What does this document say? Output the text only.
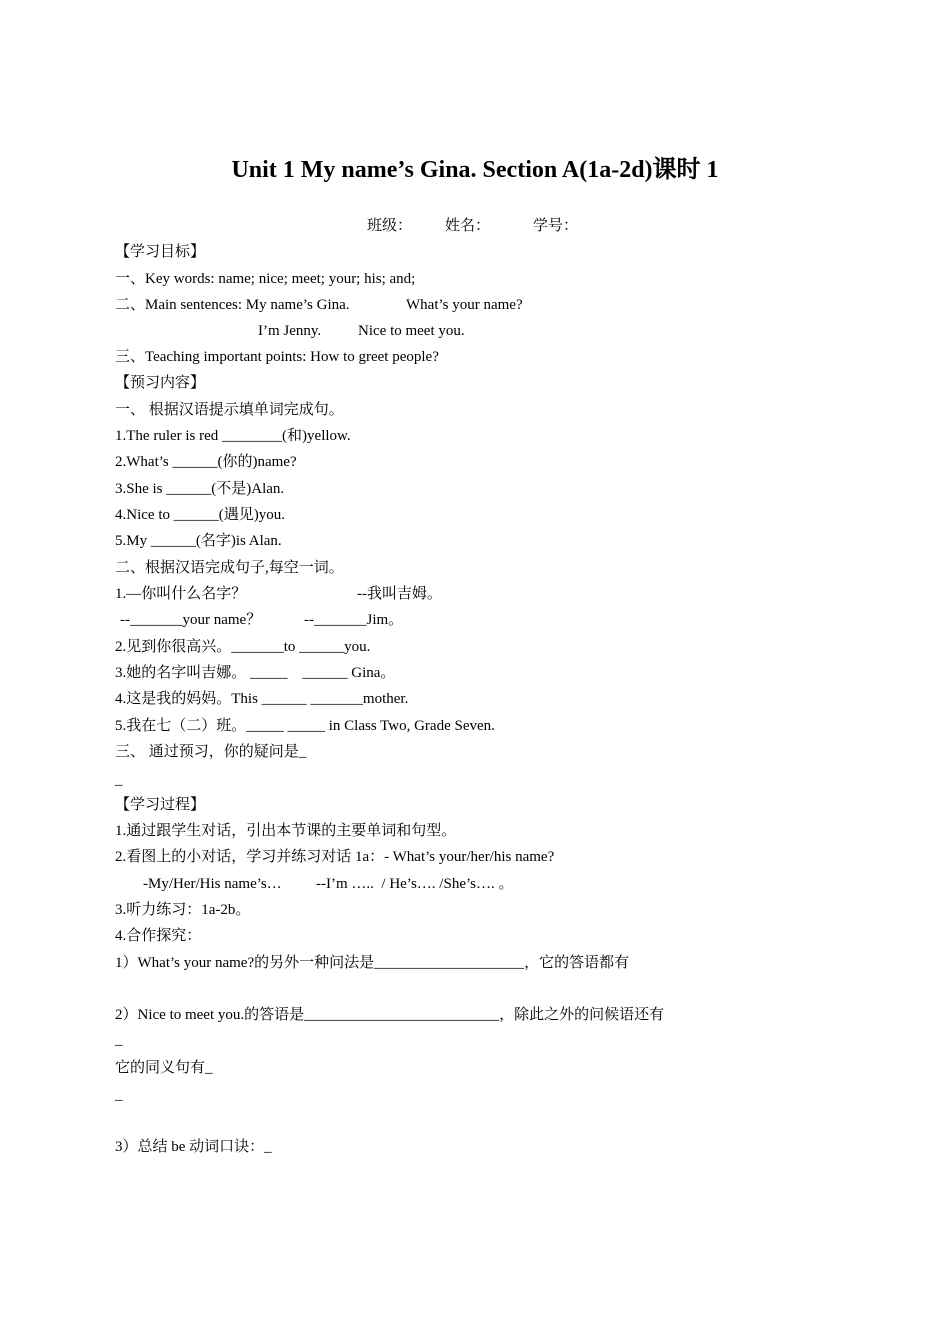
Unit 1 My name’s Gina. Section A(1a-2d)课时 1
班级： 姓名：	学号：
【学习目标】
一、Key words: name; nice; meet; your; his; and;
二、Main sentences: My name’s Gina.	What’s your name?
I’m Jenny. Nice to meet you.
三、Teaching important points: How to greet people?
【预习内容】
一、 根据汉语提示填单词完成句。
1.The ruler is red ________(和)yellow.
2.What’s ______(你的)name?
3.She is ______(不是)Alan.
4.Nice to ______(遇见)you.
5.My ______(名字)is Alan.
二、根据汉语完成句子,每空一词。
1.—你叫什么名字？	--我叫吉姆。
--_______your name？	--_______Jim。
2.见到你很高兴。_______to ______you.
3.她的名字叫吉娜。 _____    ______ Gina。
4.这是我的妈妈。This ______ _______mother.
5.我在七（二）班。_____ _____ in Class Two, Grade Seven.
三、 通过预习，你的疑问是_
_
【学习过程】
1.通过跟学生对话，引出本节课的主要单词和句型。
2.看图上的小对话，学习并练习对话 1a：- What’s your/her/his name?
-My/Her/His name’s… --I’m …..  / He’s…. /She’s…. 。
3.听力练习：1a-2b。
4.合作探究：
1）What’s your name?的另外一种问法是____________________，它的答语都有
2）Nice to meet you.的答语是__________________________，除此之外的问候语还有
_
它的同义句有_
_
3）总结 be 动词口诀：_
